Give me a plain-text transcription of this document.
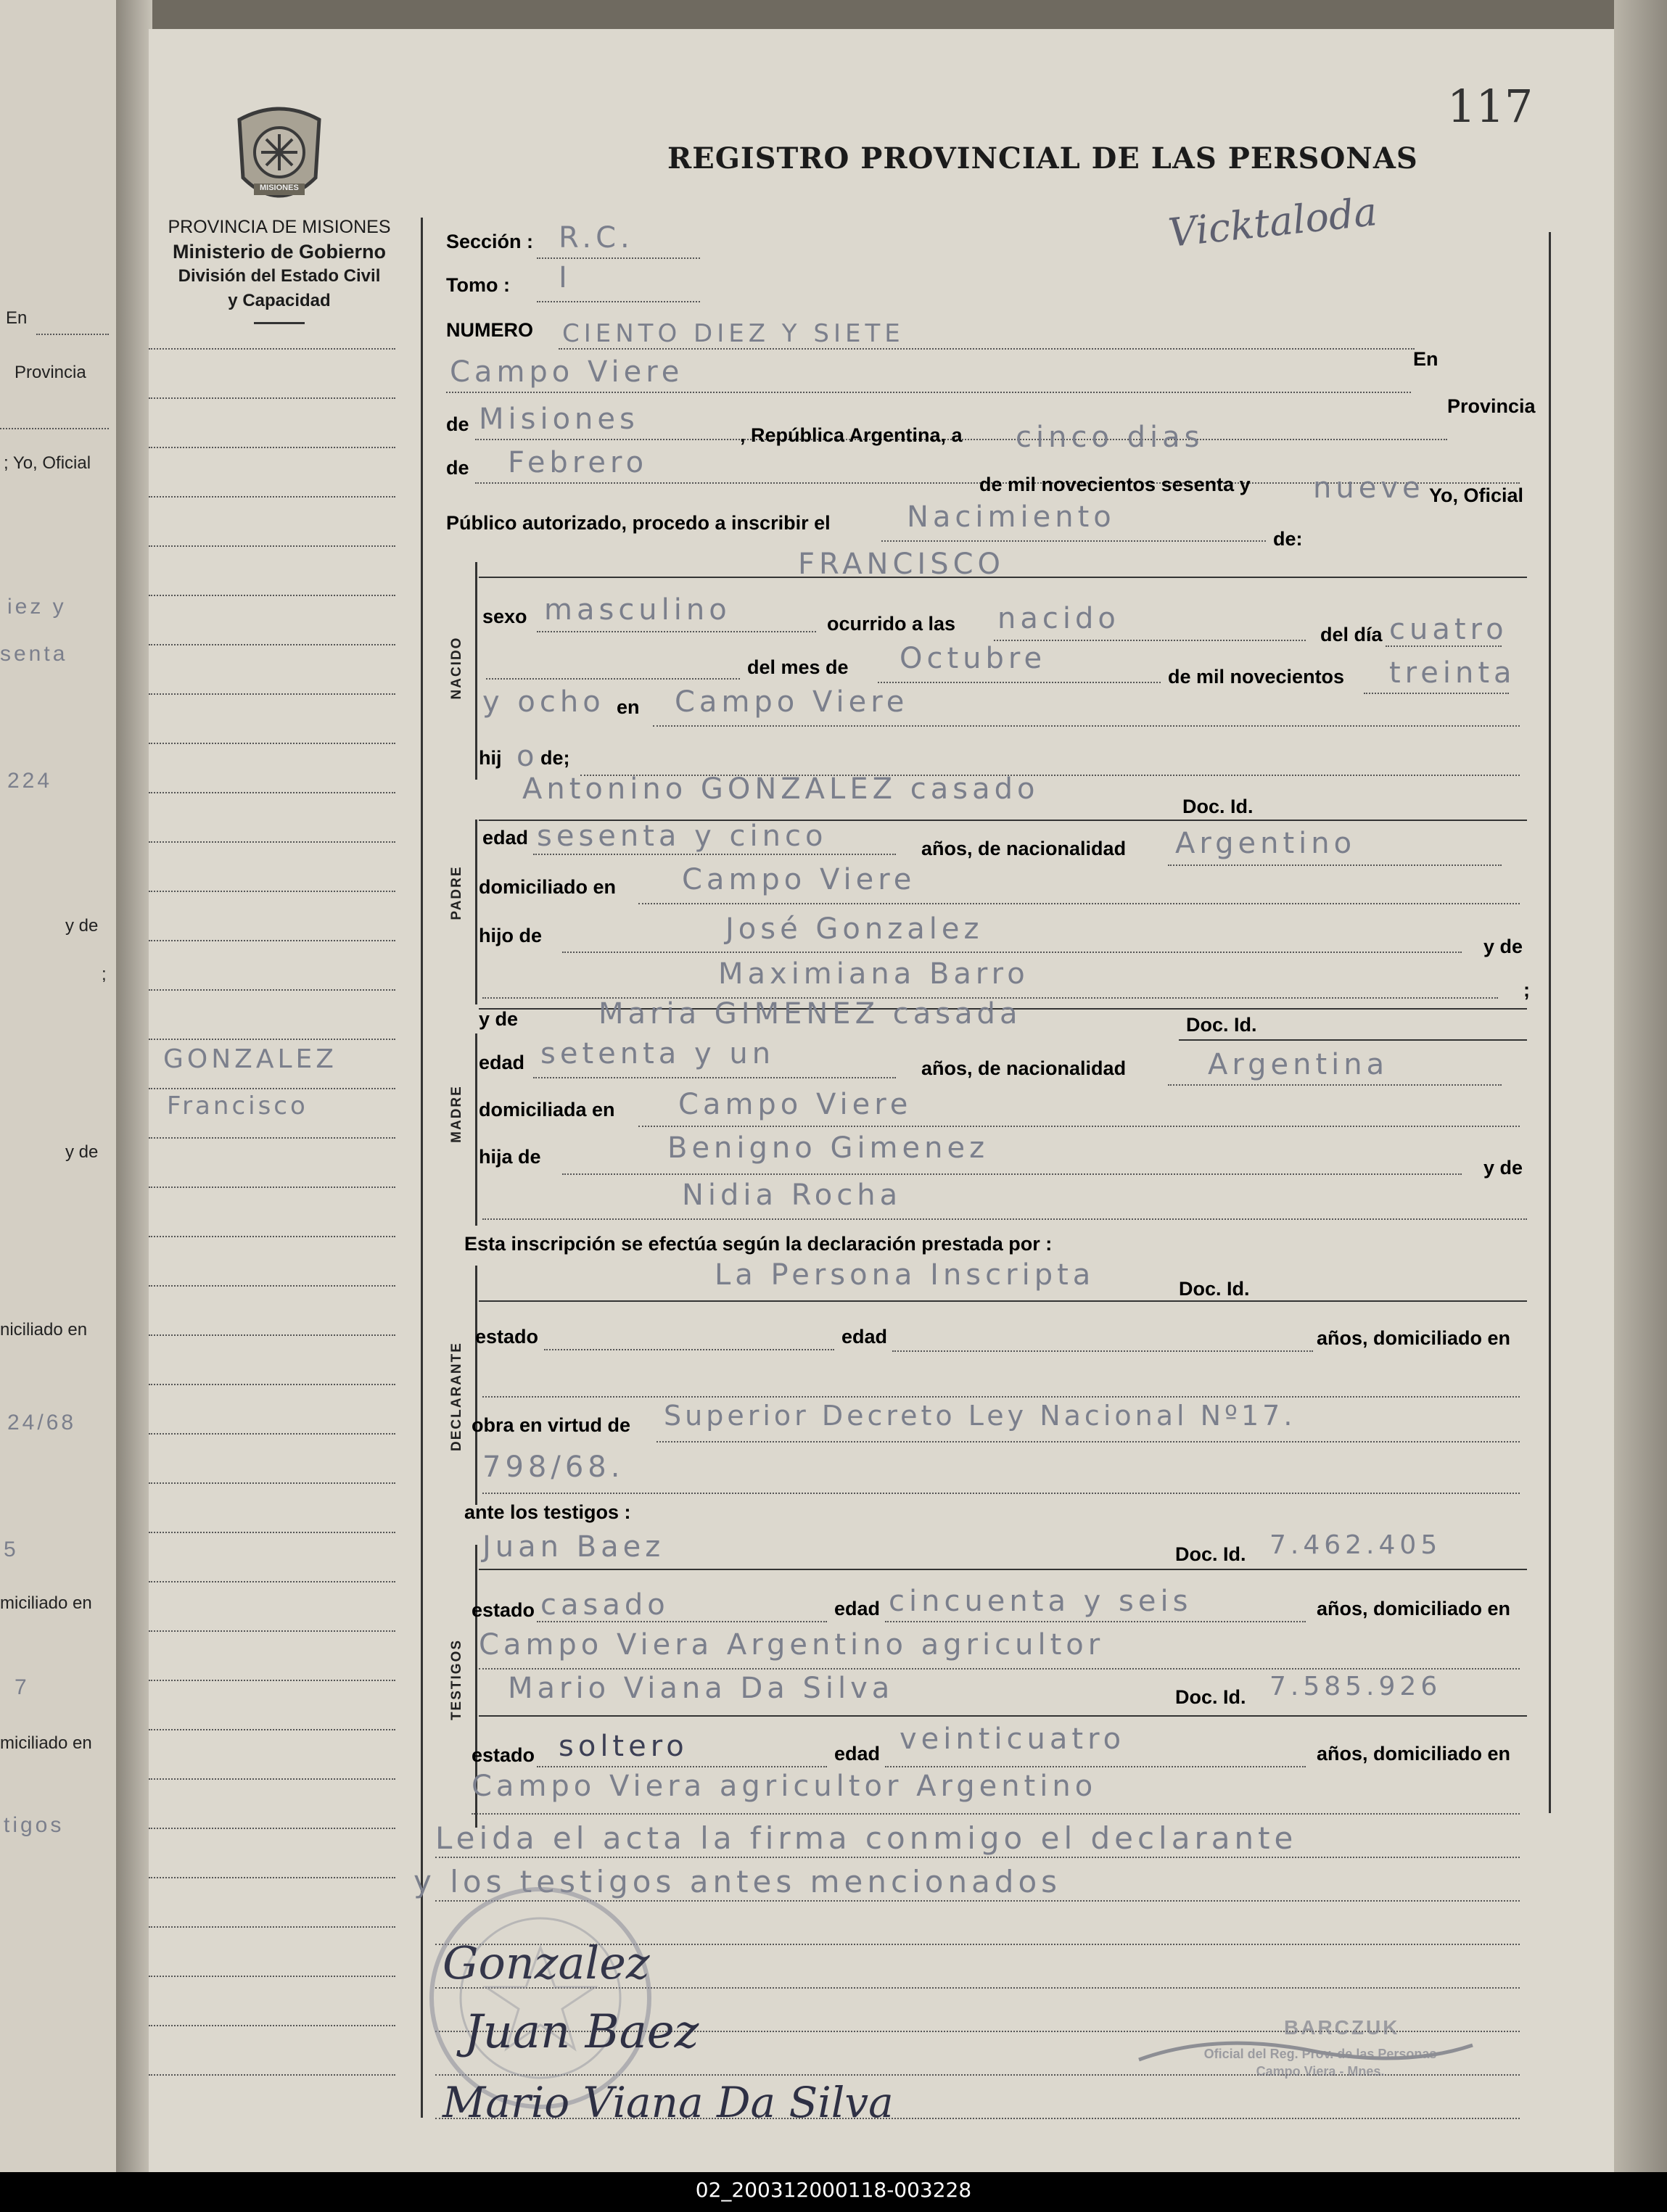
En
Provincia
; Yo, Oficial
iez y
senta
224
y de
;
y de
niciliado en
24/68
5
miciliado en
7
miciliado en
tigos
117
REGISTRO PROVINCIAL DE LAS PERSONAS
Vicktaloda
MISIONES
PROVINCIA DE MISIONES
Ministerio de Gobierno
División del Estado Civil
y Capacidad
GONZALEZ
Francisco
Sección : R.C.
Tomo : I
NUMERO CIENTO DIEZ Y SIETE
Campo Viere	En
de Misiones	Provincia
, República Argentina, a cinco dias
de Febrero
de mil novecientos sesenta y nueve Yo, Oficial
Público autorizado, procedo a inscribir el	Nacimiento
de:
FRANCISCO
NACIDO
sexo masculino	ocurrido a las nacido	del día cuatro
del mes de Octubre
de mil novecientos treinta
y ocho en Campo Viere
hij o de;
Antonino GONZALEZ casado
Doc. Id.
PADRE
edad sesenta y cinco	años, de nacionalidad Argentino
domiciliado en Campo Viere
hijo de	José Gonzalez
y de
Maximiana Barro	;
y de	Maria GIMENEZ casada	Doc. Id.
MADRE
edad setenta y un	años, de nacionalidad	Argentina
domiciliada en Campo Viere
hija de	Benigno Gimenez
y de
Nidia Rocha
Esta inscripción se efectúa según la declaración prestada por :
La Persona Inscripta	Doc. Id.
DECLARANTE
estado	edad	años, domiciliado en
obra en virtud de Superior Decreto Ley Nacional Nº17.
798/68.
ante los testigos :
Juan Baez	Doc. Id. 7.462.405
TESTIGOS
estado casado	edad cincuenta y seis	años, domiciliado en
Campo Viera Argentino agricultor
Mario Viana Da Silva	Doc. Id. 7.585.926
estado soltero	edad veinticuatro	años, domiciliado en
Campo Viera agricultor Argentino
Leida el acta la firma conmigo el declarante
y los testigos antes mencionados
Gonzalez
Juan Baez
Mario Viana Da Silva
BARCZUK
Oficial del Reg. Prov. de las Personas Campo Viera - Mnes.
02_200312000118-003228
